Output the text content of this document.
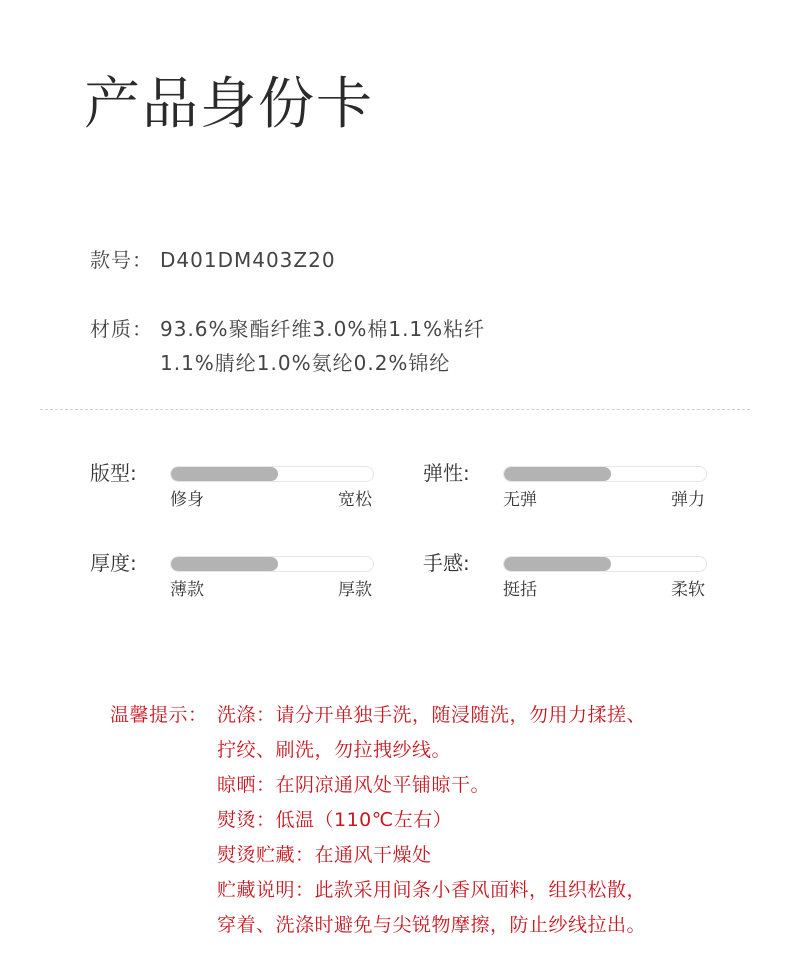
产品身份卡
款号： D401DM403Z20
材质： 93.6%聚酯纤维3.0%棉1.1%粘纤
1.1%腈纶1.0%氨纶0.2%锦纶
版型:
修身	宽松
弹性:
无弹	弹力
厚度:
薄款	厚款
手感:
挺括	柔软
温馨提示： 洗涤：请分开单独手洗，随浸随洗，勿用力揉搓、
拧绞、刷洗，勿拉拽纱线。
晾晒：在阴凉通风处平铺晾干。
熨烫：低温（110℃左右）
熨烫贮藏：在通风干燥处
贮藏说明：此款采用间条小香风面料，组织松散，
穿着、洗涤时避免与尖锐物摩擦，防止纱线拉出。
